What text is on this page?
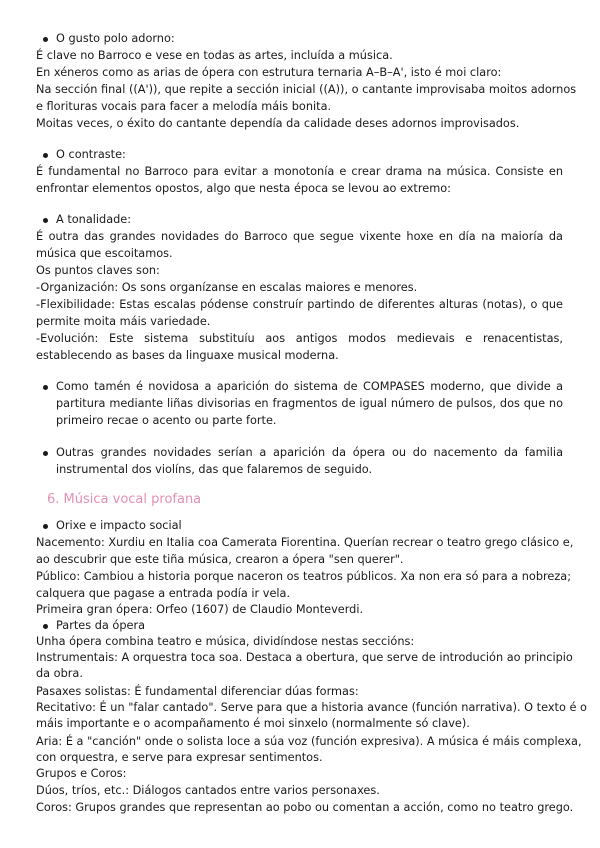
O gusto polo adorno:
É clave no Barroco e vese en todas as artes, incluída a música.
En xéneros como as arias de ópera con estrutura ternaria A–B–A', isto é moi claro:
Na sección final ((A')), que repite a sección inicial ((A)), o cantante improvisaba moitos adornos
e florituras vocais para facer a melodía máis bonita.
Moitas veces, o éxito do cantante dependía da calidade deses adornos improvisados.
O contraste:
É fundamental no Barroco para evitar a monotonía e crear drama na música. Consiste en
enfrontar elementos opostos, algo que nesta época se levou ao extremo:
A tonalidade:
É outra das grandes novidades do Barroco que segue vixente hoxe en día na maioría da
música que escoitamos.
Os puntos claves son:
-Organización: Os sons organízanse en escalas maiores e menores.
-Flexibilidade: Estas escalas pódense construír partindo de diferentes alturas (notas), o que
permite moita máis variedade.
-Evolución: Este sistema substituíu aos antigos modos medievais e renacentistas,
establecendo as bases da linguaxe musical moderna.
Como tamén é novidosa a aparición do sistema de COMPASES moderno, que divide a
partitura mediante liñas divisorias en fragmentos de igual número de pulsos, dos que no
primeiro recae o acento ou parte forte.
Outras grandes novidades serían a aparición da ópera ou do nacemento da familia
instrumental dos violíns, das que falaremos de seguido.
6. Música vocal profana
Orixe e impacto social
Nacemento: Xurdiu en Italia coa Camerata Fiorentina. Querían recrear o teatro grego clásico e,
ao descubrir que este tiña música, crearon a ópera "sen querer".
Público: Cambiou a historia porque naceron os teatros públicos. Xa non era só para a nobreza;
calquera que pagase a entrada podía ir vela.
Primeira gran ópera: Orfeo (1607) de Claudio Monteverdi.
Partes da ópera
Unha ópera combina teatro e música, dividíndose nestas seccións:
Instrumentais: A orquestra toca soa. Destaca a obertura, que serve de introdución ao principio
da obra.
Pasaxes solistas: É fundamental diferenciar dúas formas:
Recitativo: É un "falar cantado". Serve para que a historia avance (función narrativa). O texto é o
máis importante e o acompañamento é moi sinxelo (normalmente só clave).
Aria: É a "canción" onde o solista loce a súa voz (función expresiva). A música é máis complexa,
con orquestra, e serve para expresar sentimentos.
Grupos e Coros:
Dúos, tríos, etc.: Diálogos cantados entre varios personaxes.
Coros: Grupos grandes que representan ao pobo ou comentan a acción, como no teatro grego.
